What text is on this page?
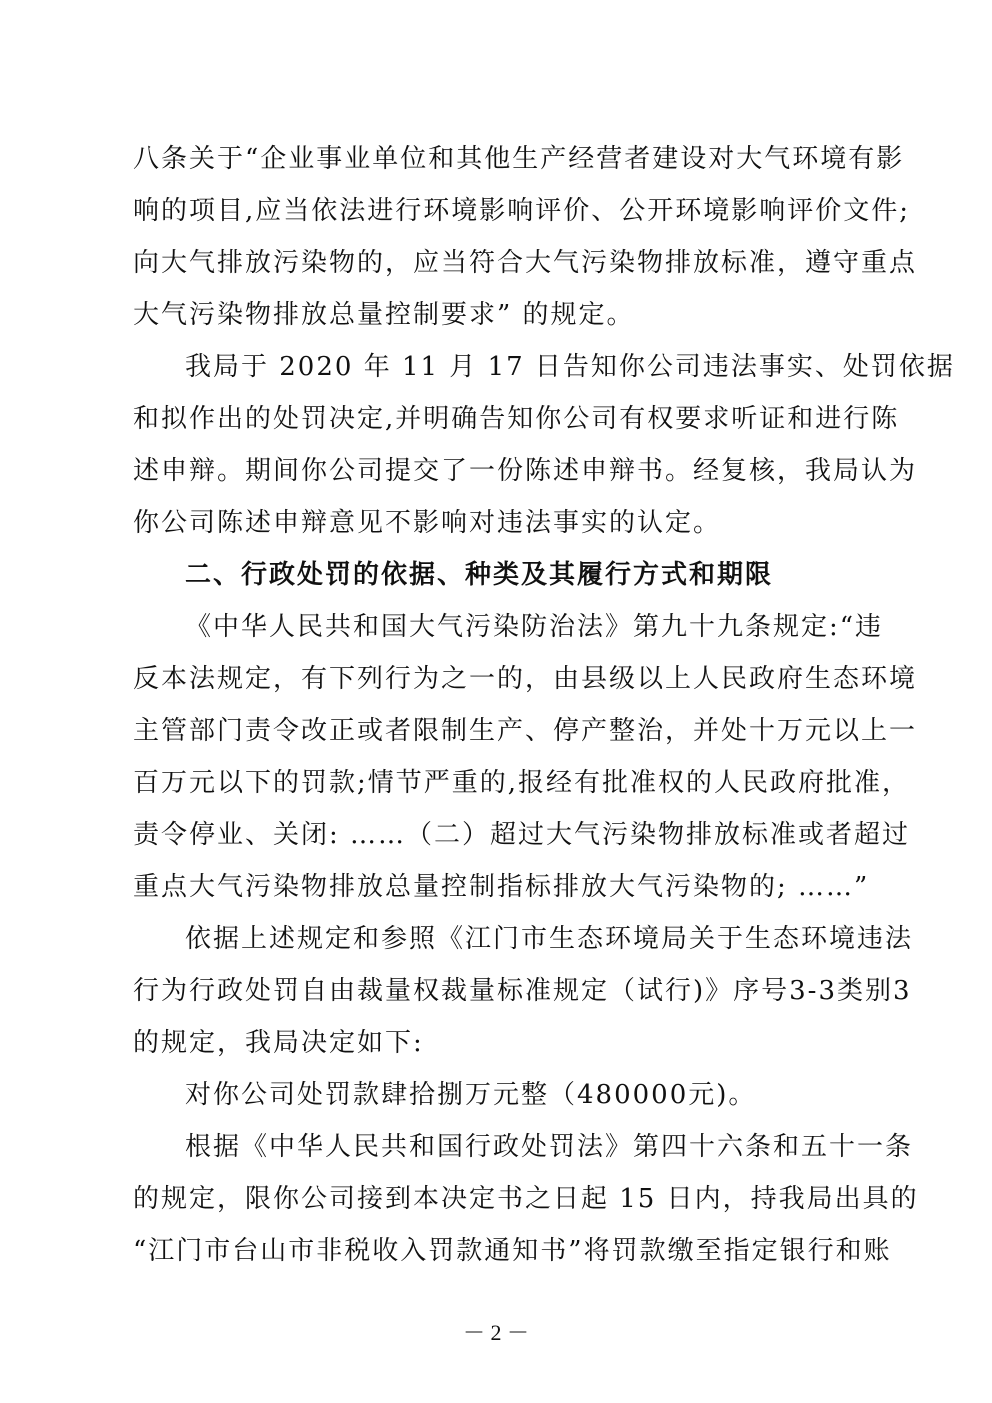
八条关于“企业事业单位和其他生产经营者建设对大气环境有影
响的项目,应当依法进行环境影响评价、公开环境影响评价文件;
向大气排放污染物的，应当符合大气污染物排放标准，遵守重点
大气污染物排放总量控制要求” 的规定。
我局于 2020 年 11 月 17 日告知你公司违法事实、处罚依据
和拟作出的处罚决定,并明确告知你公司有权要求听证和进行陈
述申辩。期间你公司提交了一份陈述申辩书。经复核，我局认为
你公司陈述申辩意见不影响对违法事实的认定。
二、行政处罚的依据、种类及其履行方式和期限
《中华人民共和国大气污染防治法》第九十九条规定:“违
反本法规定，有下列行为之一的，由县级以上人民政府生态环境
主管部门责令改正或者限制生产、停产整治，并处十万元以上一
百万元以下的罚款;情节严重的,报经有批准权的人民政府批准，
责令停业、关闭: ……（二）超过大气污染物排放标准或者超过
重点大气污染物排放总量控制指标排放大气污染物的; ……”
依据上述规定和参照《江门市生态环境局关于生态环境违法
行为行政处罚自由裁量权裁量标准规定（试行)》序号3-3类别3
的规定，我局决定如下:
对你公司处罚款肆拾捌万元整（480000元)。
根据《中华人民共和国行政处罚法》第四十六条和五十一条
的规定，限你公司接到本决定书之日起 15 日内，持我局出具的
“江门市台山市非税收入罚款通知书”将罚款缴至指定银行和账
－ 2 －
